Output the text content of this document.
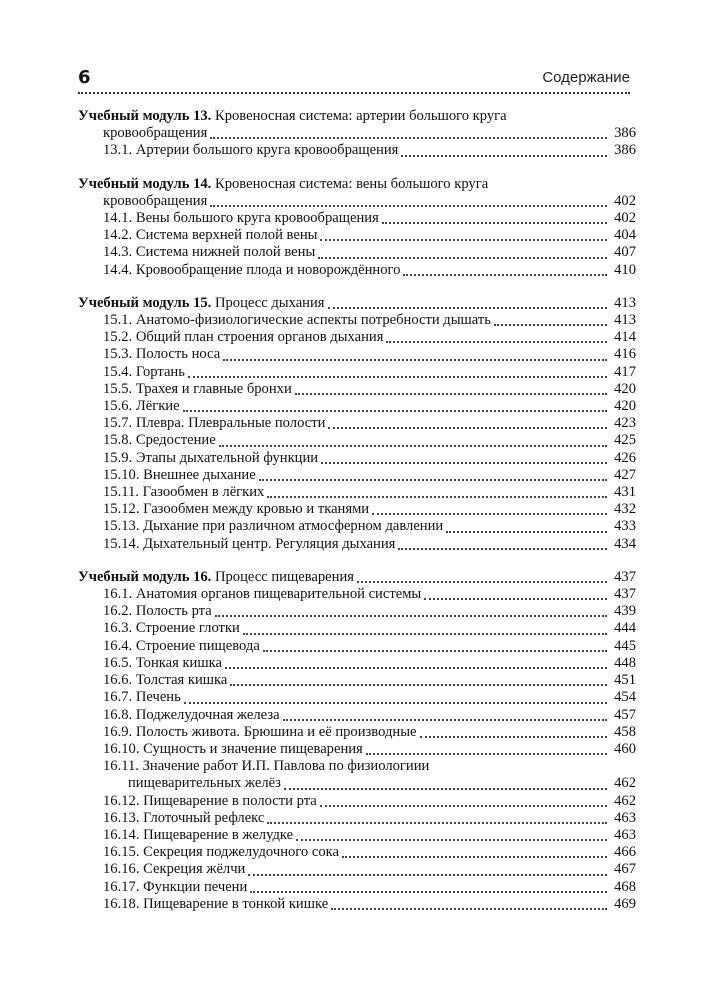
6	Содержание
Учебный модуль 13. Кровеносная система: артерии большого круга
кровообращения	386
13.1. Артерии большого круга кровообращения	386
Учебный модуль 14. Кровеносная система: вены большого круга
кровообращения	402
14.1. Вены большого круга кровообращения	402
14.2. Система верхней полой вены	404
14.3. Система нижней полой вены	407
14.4. Кровообращение плода и новорождённого	410
Учебный модуль 15. Процесс дыхания	413
15.1. Анатомо-физиологические аспекты потребности дышать	413
15.2. Общий план строения органов дыхания	414
15.3. Полость носа	416
15.4. Гортань	417
15.5. Трахея и главные бронхи	420
15.6. Лёгкие	420
15.7. Плевра. Плевральные полости	423
15.8. Средостение	425
15.9. Этапы дыхательной функции	426
15.10. Внешнее дыхание	427
15.11. Газообмен в лёгких	431
15.12. Газообмен между кровью и тканями	432
15.13. Дыхание при различном атмосферном давлении	433
15.14. Дыхательный центр. Регуляция дыхания	434
Учебный модуль 16. Процесс пищеварения	437
16.1. Анатомия органов пищеварительной системы	437
16.2. Полость рта	439
16.3. Строение глотки	444
16.4. Строение пищевода	445
16.5. Тонкая кишка	448
16.6. Толстая кишка	451
16.7. Печень	454
16.8. Поджелудочная железа	457
16.9. Полость живота. Брюшина и её производные	458
16.10. Сущность и значение пищеварения	460
16.11. Значение работ И.П. Павлова по физиологиии
пищеварительных желёз	462
16.12. Пищеварение в полости рта	462
16.13. Глоточный рефлекс	463
16.14. Пищеварение в желудке	463
16.15. Секреция поджелудочного сока	466
16.16. Секреция жёлчи	467
16.17. Функции печени	468
16.18. Пищеварение в тонкой кишке	469
